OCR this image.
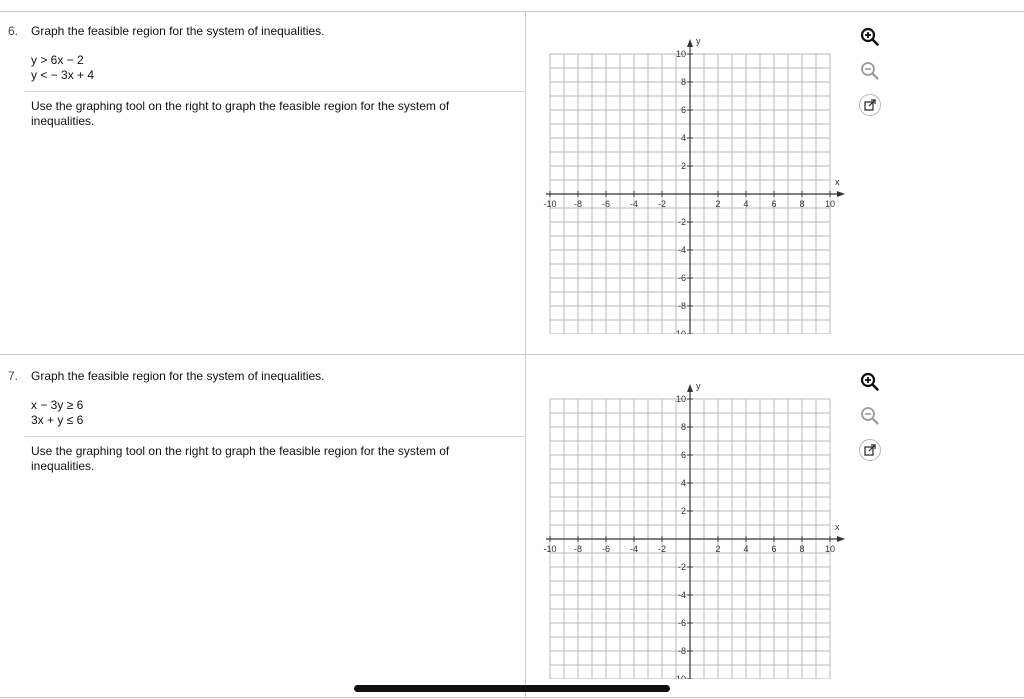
6. Graph the feasible region for the system of inequalities.
y > 6x − 2
y < − 3x + 4
Use the graphing tool on the right to graph the feasible region for the system of inequalities.
x
y
-10 -8 -6 -4 -2	2	4	6	8 10
10
8
6
4
2
-2
-4
-6
-8
-10
7. Graph the feasible region for the system of inequalities.
x − 3y ≥ 6
3x + y ≤ 6
Use the graphing tool on the right to graph the feasible region for the system of inequalities.
x
y
-10 -8 -6 -4 -2	2	4	6	8 10
10
8
6
4
2
-2
-4
-6
-8
-10
